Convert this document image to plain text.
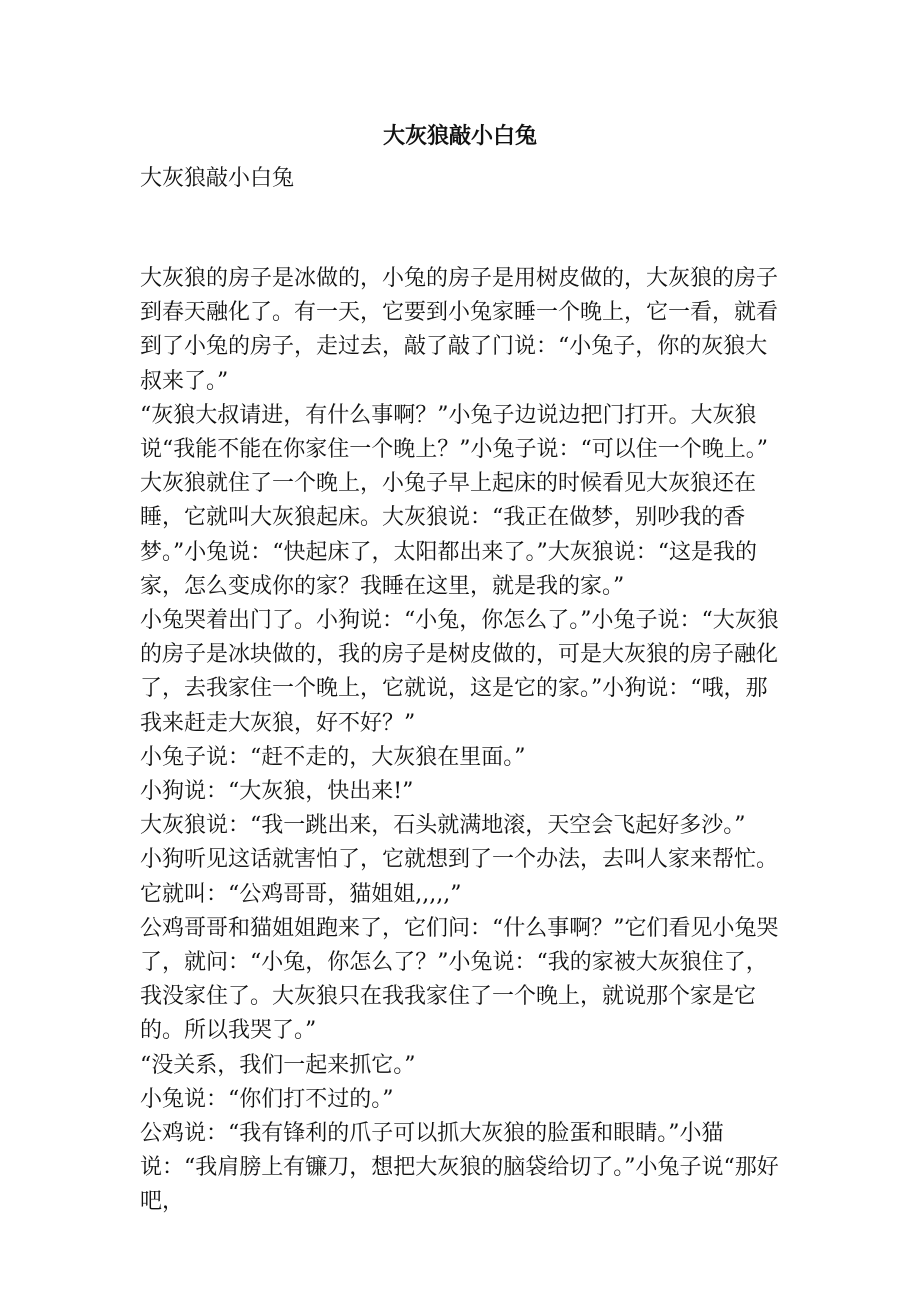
大灰狼敲小白兔

大灰狼敲小白兔

大灰狼的房子是冰做的，小兔的房子是用树皮做的，大灰狼的房子到春天融化了。有一天，它要到小兔家睡一个晚上，它一看，就看到了小兔的房子，走过去，敲了敲了门说：“小兔子，你的灰狼大叔来了。”

“灰狼大叔请进，有什么事啊？”小兔子边说边把门打开。大灰狼说“我能不能在你家住一个晚上？”小兔子说：“可以住一个晚上。”

大灰狼就住了一个晚上，小兔子早上起床的时候看见大灰狼还在睡，它就叫大灰狼起床。大灰狼说：“我正在做梦，别吵我的香梦。”小兔说：“快起床了，太阳都出来了。”大灰狼说：“这是我的家，怎么变成你的家？我睡在这里，就是我的家。”

小兔哭着出门了。小狗说：“小兔，你怎么了。”小兔子说：“大灰狼的房子是冰块做的，我的房子是树皮做的，可是大灰狼的房子融化了，去我家住一个晚上，它就说，这是它的家。”小狗说：“哦，那我来赶走大灰狼，好不好？”

小兔子说：“赶不走的，大灰狼在里面。”

小狗说：“大灰狼，快出来!”

大灰狼说：“我一跳出来，石头就满地滚，天空会飞起好多沙。”

小狗听见这话就害怕了，它就想到了一个办法，去叫人家来帮忙。它就叫：“公鸡哥哥，猫姐姐,,,,,”

公鸡哥哥和猫姐姐跑来了，它们问：“什么事啊？”它们看见小兔哭了，就问：“小兔，你怎么了？”小兔说：“我的家被大灰狼住了，我没家住了。大灰狼只在我我家住了一个晚上，就说那个家是它的。所以我哭了。”

“没关系，我们一起来抓它。”

小兔说：“你们打不过的。”

公鸡说：“我有锋利的爪子可以抓大灰狼的脸蛋和眼睛。”小猫说：“我肩膀上有镰刀，想把大灰狼的脑袋给切了。”小兔子说“那好吧，
